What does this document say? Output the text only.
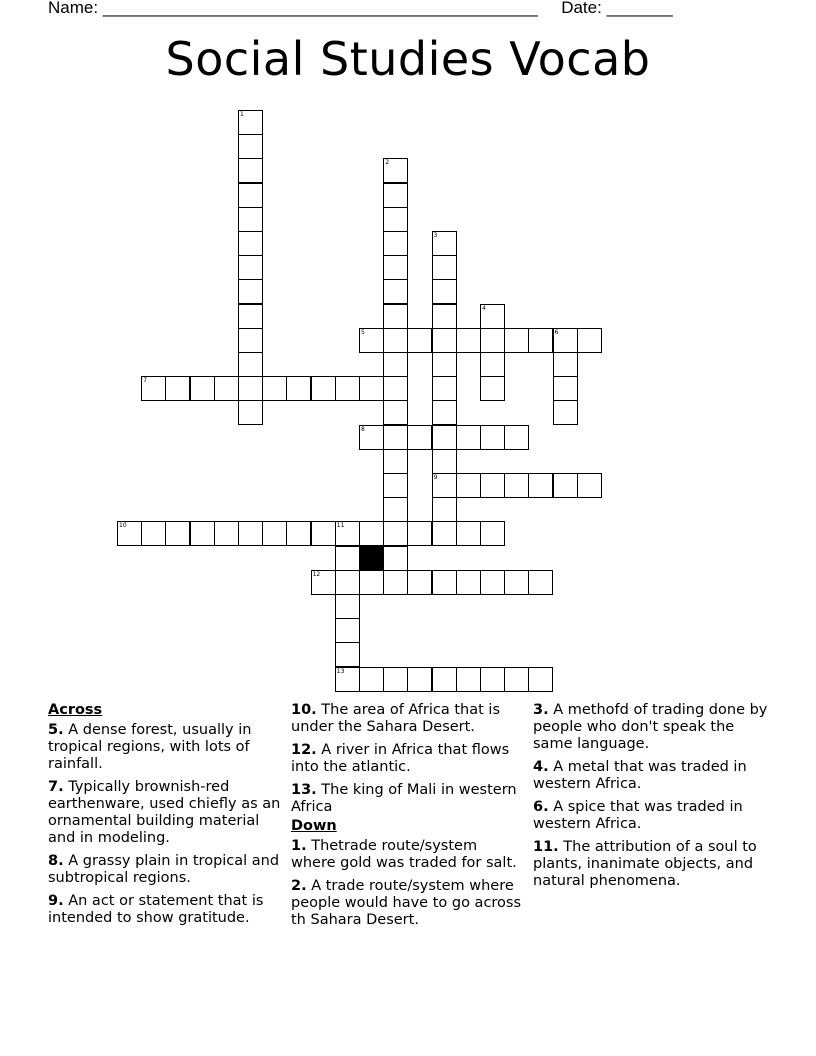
Name: ______________________________________________ Date: _______
Social Studies Vocab
1
2
3
9
4
5	6
7
8
10	11
13
12
Across
5. A dense forest, usually in tropical regions, with lots of rainfall.
7. Typically brownish-red earthenware, used chiefly as an ornamental building material and in modeling.
8. A grassy plain in tropical and subtropical regions.
9. An act or statement that is intended to show gratitude.
10. The area of Africa that is under the Sahara Desert.
12. A river in Africa that flows into the atlantic.
13. The king of Mali in western Africa
Down
1. Thetrade route/system where gold was traded for salt.
2. A trade route/system where people would have to go across th Sahara Desert.
3. A methofd of trading done by people who don't speak the same language.
4. A metal that was traded in western Africa.
6. A spice that was traded in western Africa.
11. The attribution of a soul to plants, inanimate objects, and natural phenomena.
